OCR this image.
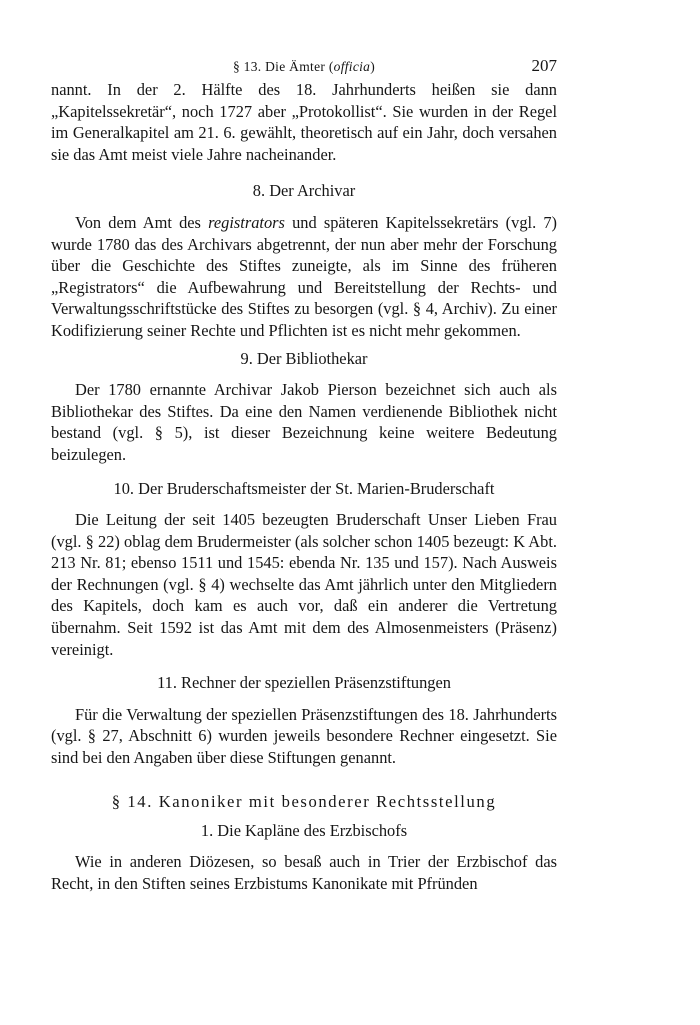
§ 13. Die Ämter (officia)	207

nannt. In der 2. Hälfte des 18. Jahrhunderts heißen sie dann „Kapitelssekretär“, noch 1727 aber „Protokollist“. Sie wurden in der Regel im Generalkapitel am 21. 6. gewählt, theoretisch auf ein Jahr, doch versahen sie das Amt meist viele Jahre nacheinander.

8. Der Archivar

Von dem Amt des registrators und späteren Kapitelssekretärs (vgl. 7) wurde 1780 das des Archivars abgetrennt, der nun aber mehr der Forschung über die Geschichte des Stiftes zuneigte, als im Sinne des früheren „Registrators“ die Aufbewahrung und Bereitstellung der Rechts- und Verwaltungsschriftstücke des Stiftes zu besorgen (vgl. § 4, Archiv). Zu einer Kodifizierung seiner Rechte und Pflichten ist es nicht mehr gekommen.

9. Der Bibliothekar

Der 1780 ernannte Archivar Jakob Pierson bezeichnet sich auch als Bibliothekar des Stiftes. Da eine den Namen verdienende Bibliothek nicht bestand (vgl. § 5), ist dieser Bezeichnung keine weitere Bedeutung beizulegen.

10. Der Bruderschaftsmeister der St. Marien-Bruderschaft

Die Leitung der seit 1405 bezeugten Bruderschaft Unser Lieben Frau (vgl. § 22) oblag dem Brudermeister (als solcher schon 1405 bezeugt: K Abt. 213 Nr. 81; ebenso 1511 und 1545: ebenda Nr. 135 und 157). Nach Ausweis der Rechnungen (vgl. § 4) wechselte das Amt jährlich unter den Mitgliedern des Kapitels, doch kam es auch vor, daß ein anderer die Vertretung übernahm. Seit 1592 ist das Amt mit dem des Almosenmeisters (Präsenz) vereinigt.

11. Rechner der speziellen Präsenzstiftungen

Für die Verwaltung der speziellen Präsenzstiftungen des 18. Jahrhunderts (vgl. § 27, Abschnitt 6) wurden jeweils besondere Rechner eingesetzt. Sie sind bei den Angaben über diese Stiftungen genannt.

§ 14. Kanoniker mit besonderer Rechtsstellung
1. Die Kapläne des Erzbischofs

Wie in anderen Diözesen, so besaß auch in Trier der Erzbischof das Recht, in den Stiften seines Erzbistums Kanonikate mit Pfründen
